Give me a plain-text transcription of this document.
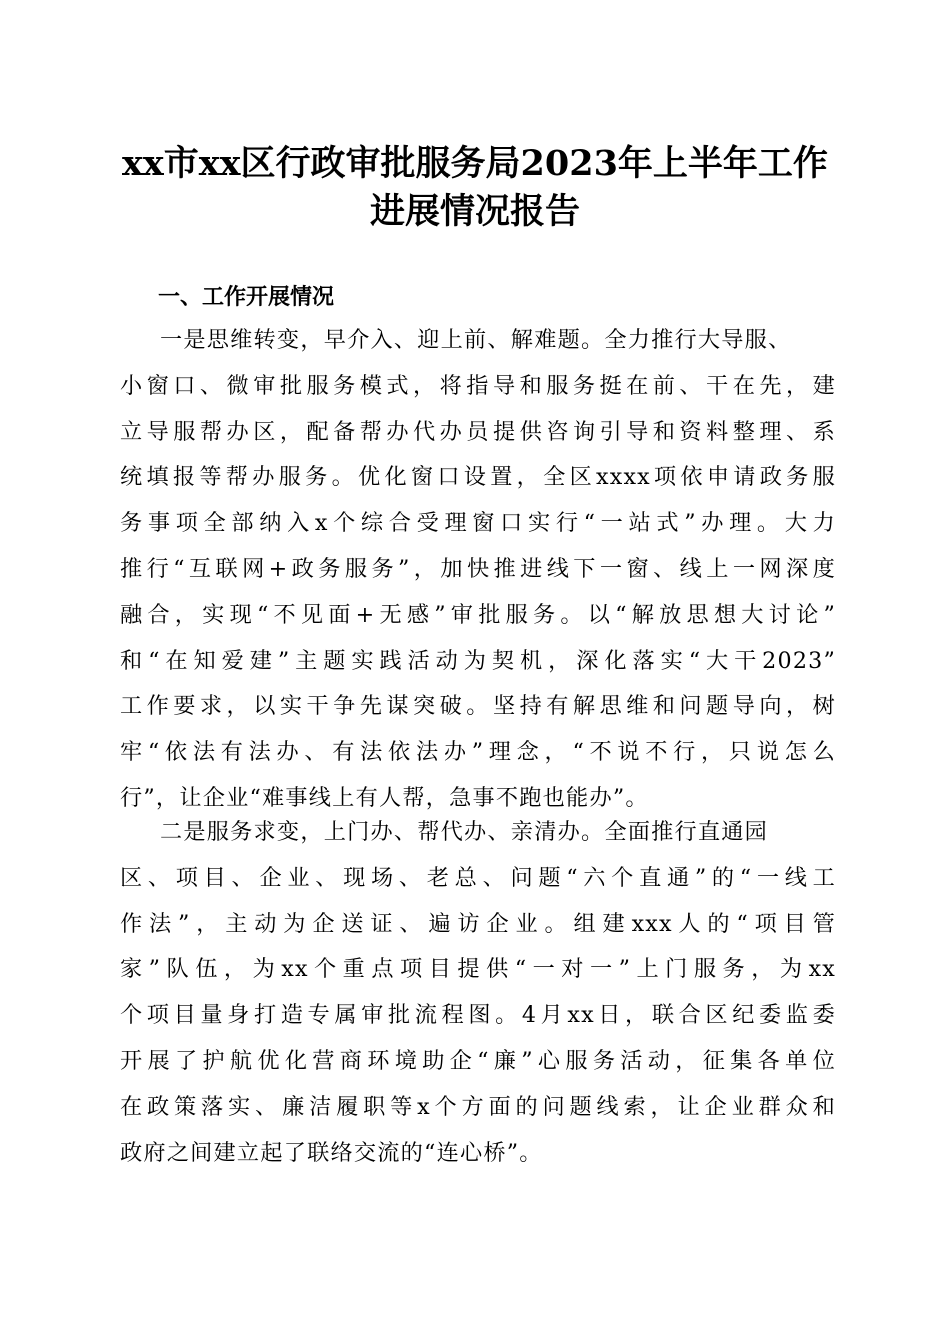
xx市xx区行政审批服务局2023年上半年工作
进展情况报告
一、工作开展情况
一是思维转变，早介入、迎上前、解难题。全力推行大导服、
小窗口、微审批服务模式，将指导和服务挺在前、干在先，建
立导服帮办区，配备帮办代办员提供咨询引导和资料整理、系
统填报等帮办服务。优化窗口设置，全区xxxx项依申请政务服
务事项全部纳入x个综合受理窗口实行“一站式”办理。大力
推行“互联网+政务服务”，加快推进线下一窗、线上一网深度
融合，实现“不见面+无感”审批服务。以“解放思想大讨论”
和“在知爱建”主题实践活动为契机，深化落实“大干2023”
工作要求，以实干争先谋突破。坚持有解思维和问题导向，树
牢“依法有法办、有法依法办”理念，“不说不行，只说怎么
行”，让企业“难事线上有人帮，急事不跑也能办”。
二是服务求变，上门办、帮代办、亲清办。全面推行直通园
区、项目、企业、现场、老总、问题“六个直通”的“一线工
作法”，主动为企送证、遍访企业。组建xxx人的“项目管
家”队伍，为xx个重点项目提供“一对一”上门服务，为xx
个项目量身打造专属审批流程图。4月xx日，联合区纪委监委
开展了护航优化营商环境助企“廉”心服务活动，征集各单位
在政策落实、廉洁履职等x个方面的问题线索，让企业群众和
政府之间建立起了联络交流的“连心桥”。
